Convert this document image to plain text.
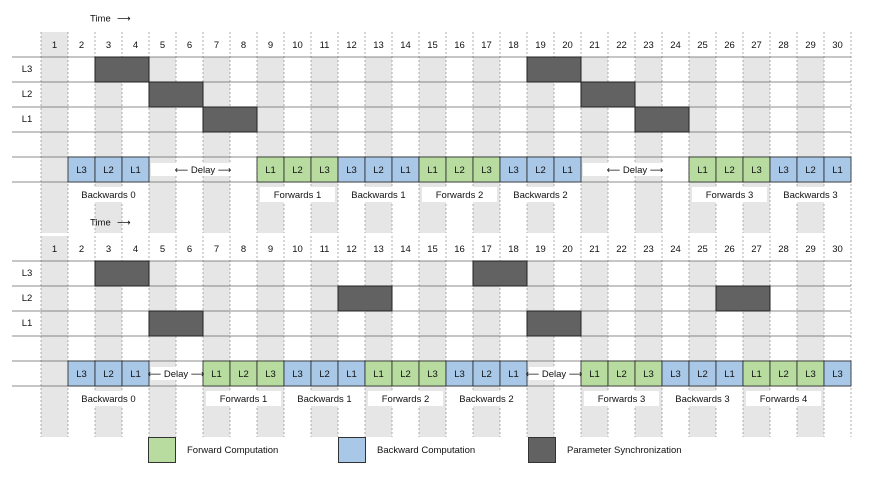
1 2 3 4 5 6 7 8 9 10 11 12 13 14 15 16 17 18 19 20 21 22 23 24 25 26 27 28 29 30
Time ⟶
L3
L2
L1
L3 L2 L1	L1 L2 L3 L3 L2 L1 L1 L2 L3 L3 L2 L1	L1 L2 L3 L3 L2 L1
⟵ Delay ⟶	⟵ Delay ⟶
Backwards 0	Forwards 1	Backwards 1	Forwards 2	Backwards 2	Forwards 3	Backwards 3
1 2 3 4 5 6 7 8 9 10 11 12 13 14 15 16 17 18 19 20 21 22 23 24 25 26 27 28 29 30
Time ⟶
L3
L2
L1
L3 L2 L1	L1 L2 L3 L3 L2 L1 L1 L2 L3 L3 L2 L1	L1 L2 L3 L3 L2 L1 L1 L2 L3 L3
⟵ Delay ⟶	⟵ Delay ⟶
Backwards 0	Forwards 1	Backwards 1	Forwards 2	Backwards 2	Forwards 3	Backwards 3	Forwards 4
Forward Computation	Backward Computation	Parameter Synchronization
